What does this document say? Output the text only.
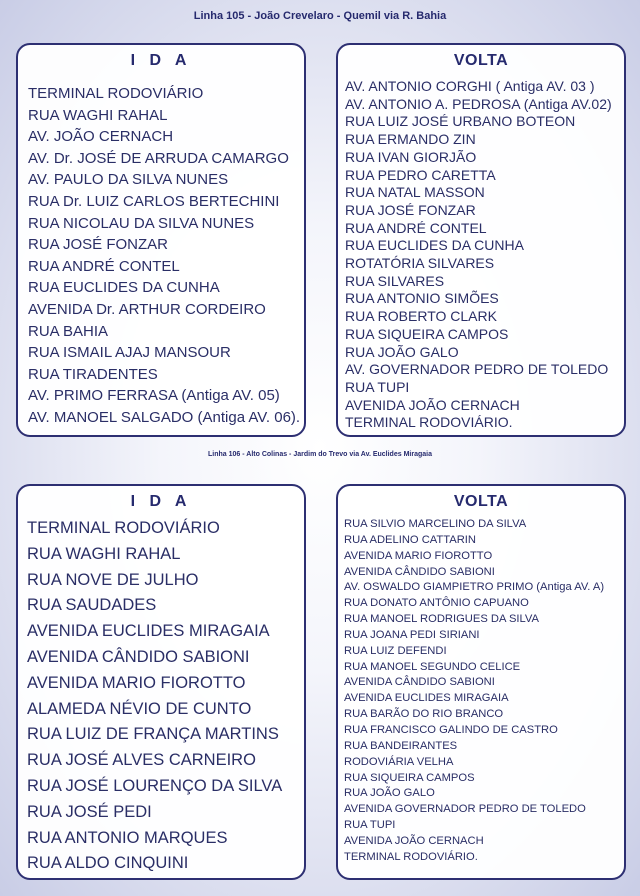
Linha 105 - João Crevelaro - Quemil via R. Bahia
I D A
TERMINAL RODOVIÁRIO
RUA WAGHI RAHAL
AV. JOÃO CERNACH
AV. Dr. JOSÉ DE ARRUDA CAMARGO
AV. PAULO DA SILVA NUNES
RUA Dr. LUIZ CARLOS BERTECHINI
RUA NICOLAU DA SILVA NUNES
RUA JOSÉ FONZAR
RUA ANDRÉ CONTEL
RUA EUCLIDES DA CUNHA
AVENIDA Dr. ARTHUR CORDEIRO
RUA BAHIA
RUA ISMAIL AJAJ MANSOUR
RUA TIRADENTES
AV. PRIMO FERRASA (Antiga AV. 05)
AV. MANOEL SALGADO (Antiga AV. 06).
VOLTA
AV. ANTONIO CORGHI ( Antiga AV. 03 )
AV. ANTONIO A. PEDROSA (Antiga AV.02)
RUA LUIZ JOSÉ URBANO BOTEON
RUA ERMANDO ZIN
RUA IVAN GIORJÃO
RUA PEDRO CARETTA
RUA NATAL MASSON
RUA JOSÉ FONZAR
RUA ANDRÉ CONTEL
RUA EUCLIDES DA CUNHA
ROTATÓRIA SILVARES
RUA SILVARES
RUA ANTONIO SIMÕES
RUA ROBERTO CLARK
RUA SIQUEIRA CAMPOS
RUA JOÃO GALO
AV. GOVERNADOR PEDRO DE TOLEDO
RUA TUPI
AVENIDA JOÃO CERNACH
TERMINAL RODOVIÁRIO.
Linha 106 - Alto Colinas - Jardim do Trevo via Av. Euclides Miragaia
I D A
TERMINAL RODOVIÁRIO
RUA WAGHI RAHAL
RUA NOVE DE JULHO
RUA SAUDADES
AVENIDA EUCLIDES MIRAGAIA
AVENIDA CÂNDIDO SABIONI
AVENIDA MARIO FIOROTTO
ALAMEDA NÉVIO DE CUNTO
RUA LUIZ DE FRANÇA MARTINS
RUA JOSÉ ALVES CARNEIRO
RUA JOSÉ LOURENÇO DA SILVA
RUA JOSÉ PEDI
RUA ANTONIO MARQUES
RUA ALDO CINQUINI
VOLTA
RUA SILVIO MARCELINO DA SILVA
RUA ADELINO CATTARIN
AVENIDA MARIO FIOROTTO
AVENIDA CÂNDIDO SABIONI
AV. OSWALDO GIAMPIETRO PRIMO (Antiga AV. A)
RUA DONATO ANTÔNIO CAPUANO
RUA MANOEL RODRIGUES DA SILVA
RUA JOANA PEDI SIRIANI
RUA LUIZ DEFENDI
RUA MANOEL SEGUNDO CELICE
AVENIDA CÂNDIDO SABIONI
AVENIDA EUCLIDES MIRAGAIA
RUA BARÃO DO RIO BRANCO
RUA FRANCISCO GALINDO DE CASTRO
RUA BANDEIRANTES
RODOVIÁRIA VELHA
RUA SIQUEIRA CAMPOS
RUA JOÃO GALO
AVENIDA GOVERNADOR PEDRO DE TOLEDO
RUA TUPI
AVENIDA JOÃO CERNACH
TERMINAL RODOVIÁRIO.
